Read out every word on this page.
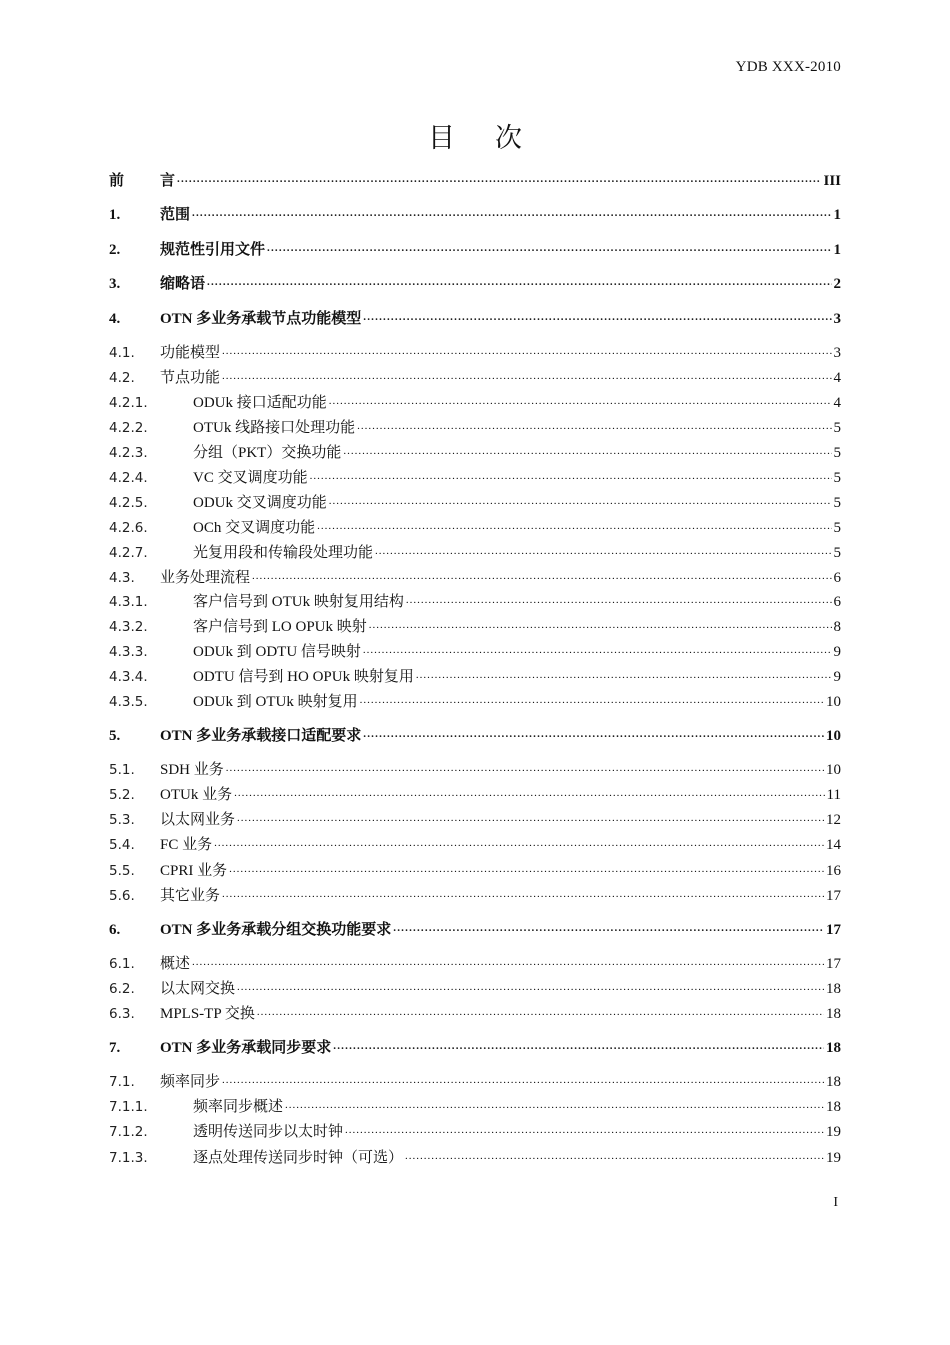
YDB XXX-2010
目 次
前	言 .....	III
1.	范围 .....	1
2.	规范性引用文件 .....	1
3.	缩略语 .....	2
4.	OTN 多业务承载节点功能模型 .....	3
4.1.	功能模型 .....	3
4.2.	节点功能 .....	4
4.2.1.	ODUk 接口适配功能 .....	4
4.2.2.	OTUk 线路接口处理功能 .....	5
4.2.3.	分组（PKT）交换功能 .....	5
4.2.4.	VC 交叉调度功能 .....	5
4.2.5.	ODUk 交叉调度功能 .....	5
4.2.6.	OCh 交叉调度功能 .....	5
4.2.7.	光复用段和传输段处理功能 .....	5
4.3.	业务处理流程 .....	6
4.3.1.	客户信号到 OTUk 映射复用结构 .....	6
4.3.2.	客户信号到 LO OPUk 映射 .....	8
4.3.3.	ODUk 到 ODTU 信号映射 .....	9
4.3.4.	ODTU 信号到 HO OPUk 映射复用 .....	9
4.3.5.	ODUk 到 OTUk 映射复用 .....	10
5.	OTN 多业务承载接口适配要求 .....	10
5.1.	SDH 业务 .....	10
5.2.	OTUk 业务 .....	11
5.3.	以太网业务 .....	12
5.4.	FC 业务 .....	14
5.5.	CPRI 业务 .....	16
5.6.	其它业务 .....	17
6.	OTN 多业务承载分组交换功能要求 .....	17
6.1.	概述 .....	17
6.2.	以太网交换 .....	18
6.3.	MPLS-TP 交换 .....	18
7.	OTN 多业务承载同步要求 .....	18
7.1.	频率同步 .....	18
7.1.1.	频率同步概述 .....	18
7.1.2.	透明传送同步以太时钟 .....	19
7.1.3.	逐点处理传送同步时钟（可选） .....	19
I
